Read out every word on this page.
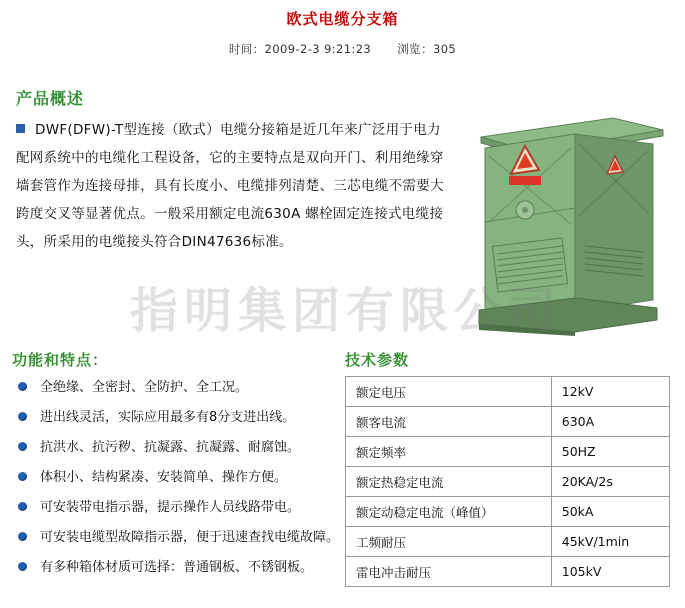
欧式电缆分支箱
时间：2009-2-3 9:21:23 浏览：305
产品概述
DWF(DFW)-T型连接（欧式）电缆分接箱是近几年来广泛用于电力配网系统中的电缆化工程设备，它的主要特点是双向开门、利用绝缘穿墙套管作为连接母排，具有长度小、电缆排列清楚、三芯电缆不需要大跨度交叉等显著优点。一般采用额定电流630A 螺栓固定连接式电缆接头，所采用的电缆接头符合DIN47636标准。
指明集团有限公司
功能和特点：
全绝缘、全密封、全防护、全工况。
进出线灵活，实际应用最多有8分支进出线。
抗洪水、抗污秽、抗凝露、抗凝露、耐腐蚀。
体积小、结构紧凑、安装简单、操作方便。
可安装带电指示器，提示操作人员线路带电。
可安装电缆型故障指示器，便于迅速查找电缆故障。
有多种箱体材质可选择：普通钢板、不锈钢板。
技术参数
额定电压	12kV
额客电流	630A
额定频率	50HZ
额定热稳定电流	20KA/2s
额定动稳定电流（峰值）	50kA
工频耐压	45kV/1min
雷电冲击耐压	105kV
